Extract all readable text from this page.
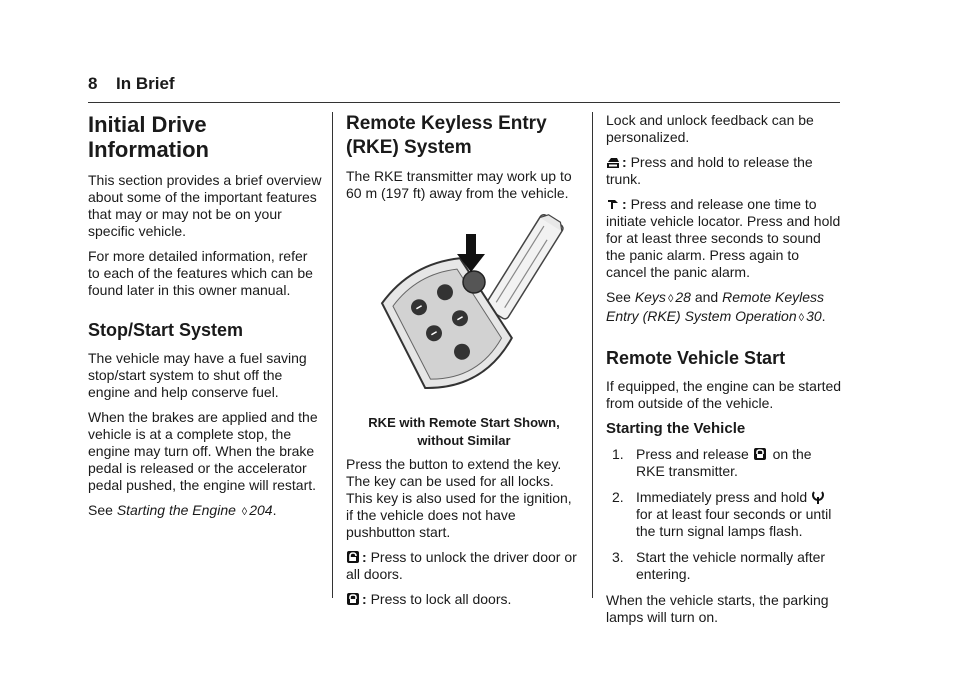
8 In Brief
Initial Drive Information

This section provides a brief overview about some of the important features that may or may not be on your specific vehicle.

For more detailed information, refer to each of the features which can be found later in this owner manual.

Stop/Start System

The vehicle may have a fuel saving stop/start system to shut off the engine and help conserve fuel.

When the brakes are applied and the vehicle is at a complete stop, the engine may turn off. When the brake pedal is released or the accelerator pedal pushed, the engine will restart.

See Starting the Engine ◊ 204.

Remote Keyless Entry (RKE) System

The RKE transmitter may work up to 60 m (197 ft) away from the vehicle.

RKE with Remote Start Shown,
without Similar

Press the button to extend the key. The key can be used for all locks. This key is also used for the ignition, if the vehicle does not have pushbutton start.

: Press to unlock the driver door or all doors.

: Press to lock all doors.

Lock and unlock feedback can be personalized.

: Press and hold to release the trunk.

: Press and release one time to initiate vehicle locator. Press and hold for at least three seconds to sound the panic alarm. Press again to cancel the panic alarm.

See Keys ◊ 28 and Remote Keyless Entry (RKE) System Operation ◊ 30.

Remote Vehicle Start

If equipped, the engine can be started from outside of the vehicle.

Starting the Vehicle
1. Press and release on the RKE transmitter.
2. Immediately press and hold  for at least four seconds or until the turn signal lamps flash.
3. Start the vehicle normally after entering.

When the vehicle starts, the parking lamps will turn on.
